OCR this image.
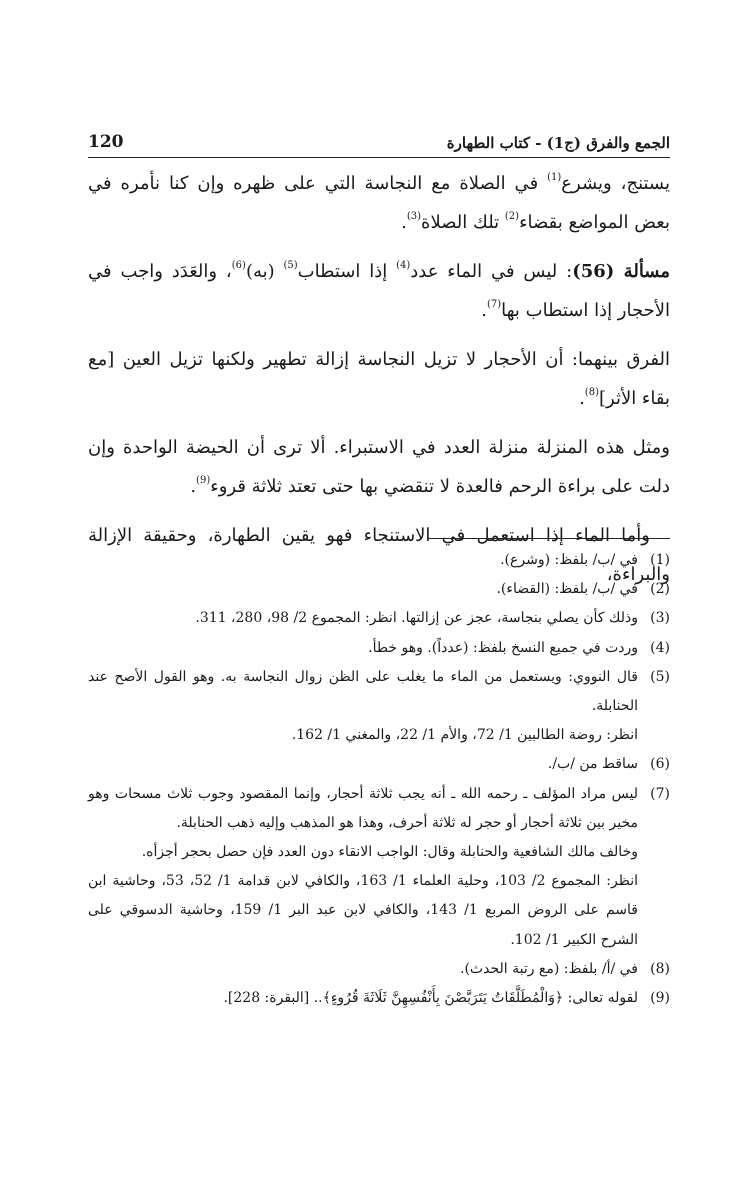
الجمع والفرق (ج1) - كتاب الطهارة
120

يستنج، ويشرع$^{(1)}$ في الصلاة مع النجاسة التي على ظهره وإن كنا نأمره في بعض المواضع بقضاء$^{(2)}$ تلك الصلاة$^{(3)}$.

مسألة (56): ليس في الماء عدد$^{(4)}$ إذا استطاب$^{(5)}$ (به)$^{(6)}$، والعَدَد واجب في الأحجار إذا استطاب بها$^{(7)}$.

الفرق بينهما: أن الأحجار لا تزيل النجاسة إزالة تطهير ولكنها تزيل العين [مع بقاء الأثر]$^{(8)}$.

ومثل هذه المنزلة منزلة العدد في الاستبراء. ألا ترى أن الحيضة الواحدة وإن دلت على براءة الرحم فالعدة لا تنقضي بها حتى تعتد ثلاثة قروء$^{(9)}$.

وأما الماء إذا استعمل في الاستنجاء فهو يقين الطهارة، وحقيقة الإزالة والبراءة،

(1)
في /ب/ بلفظ: (وشرع).
(2)
في /ب/ بلفظ: (القضاء).
(3)
وذلك كأن يصلي بنجاسة، عجز عن إزالتها. انظر: المجموع 2/ 98، 280، 311.
(4)
وردت في جميع النسخ بلفظ: (عدداً). وهو خطأ.
(5)
قال النووي: ويستعمل من الماء ما يغلب على الظن زوال النجاسة به. وهو القول الأصح عند الحنابلة.
انظر: روضة الطالبين 1/ 72، والأم 1/ 22، والمغني 1/ 162.
(6)
ساقط من /ب/.
(7)
ليس مراد المؤلف ـ رحمه الله ـ أنه يجب ثلاثة أحجار، وإنما المقصود وجوب ثلاث مسحات وهو مخير بين ثلاثة أحجار أو حجر له ثلاثة أحرف، وهذا هو المذهب وإليه ذهب الحنابلة.
وخالف مالك الشافعية والحنابلة وقال: الواجب الانقاء دون العدد فإن حصل بحجر أجزأه.
انظر: المجموع 2/ 103، وحلية العلماء 1/ 163، والكافي لابن قدامة 1/ 52، 53، وحاشية ابن قاسم على الروض المربع 1/ 143، والكافي لابن عبد البر 1/ 159، وحاشية الدسوقي على الشرح الكبير 1/ 102.
(8)
في /أ/ بلفظ: (مع رتبة الحدث).
(9)
لقوله تعالى: ﴿وَالْمُطَلَّقَاتُ يَتَرَبَّصْنَ بِأَنْفُسِهِنَّ ثَلَاثَةَ قُرُوءٍ﴾.. [البقرة: 228].
